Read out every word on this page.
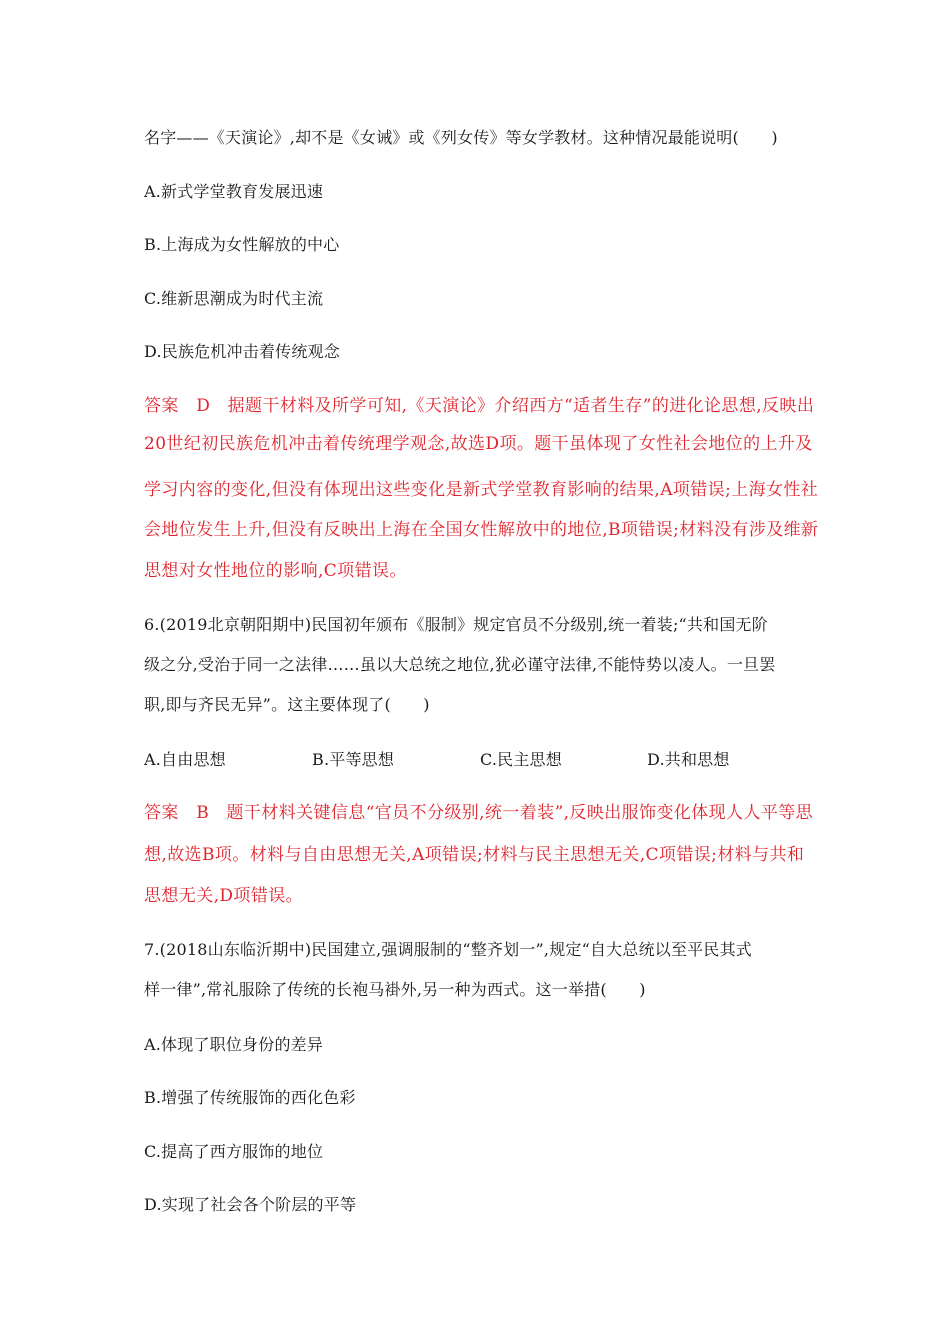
名字——《天演论》,却不是《女诫》或《列女传》等女学教材。这种情况最能说明(　　)
A.新式学堂教育发展迅速
B.上海成为女性解放的中心
C.维新思潮成为时代主流
D.民族危机冲击着传统观念
答案　D　据题干材料及所学可知,《天演论》介绍西方“适者生存”的进化论思想,反映出
20世纪初民族危机冲击着传统理学观念,故选D项。题干虽体现了女性社会地位的上升及
学习内容的变化,但没有体现出这些变化是新式学堂教育影响的结果,A项错误;上海女性社
会地位发生上升,但没有反映出上海在全国女性解放中的地位,B项错误;材料没有涉及维新
思想对女性地位的影响,C项错误。
6.(2019北京朝阳期中)民国初年颁布《服制》规定官员不分级别,统一着装;“共和国无阶
级之分,受治于同一之法律……虽以大总统之地位,犹必谨守法律,不能恃势以凌人。一旦罢
职,即与齐民无异”。这主要体现了(　　)
A.自由思想	B.平等思想	C.民主思想	D.共和思想
答案　B　题干材料关键信息“官员不分级别,统一着装”,反映出服饰变化体现人人平等思
想,故选B项。材料与自由思想无关,A项错误;材料与民主思想无关,C项错误;材料与共和
思想无关,D项错误。
7.(2018山东临沂期中)民国建立,强调服制的“整齐划一”,规定“自大总统以至平民其式
样一律”,常礼服除了传统的长袍马褂外,另一种为西式。这一举措(　　)
A.体现了职位身份的差异
B.增强了传统服饰的西化色彩
C.提高了西方服饰的地位
D.实现了社会各个阶层的平等
